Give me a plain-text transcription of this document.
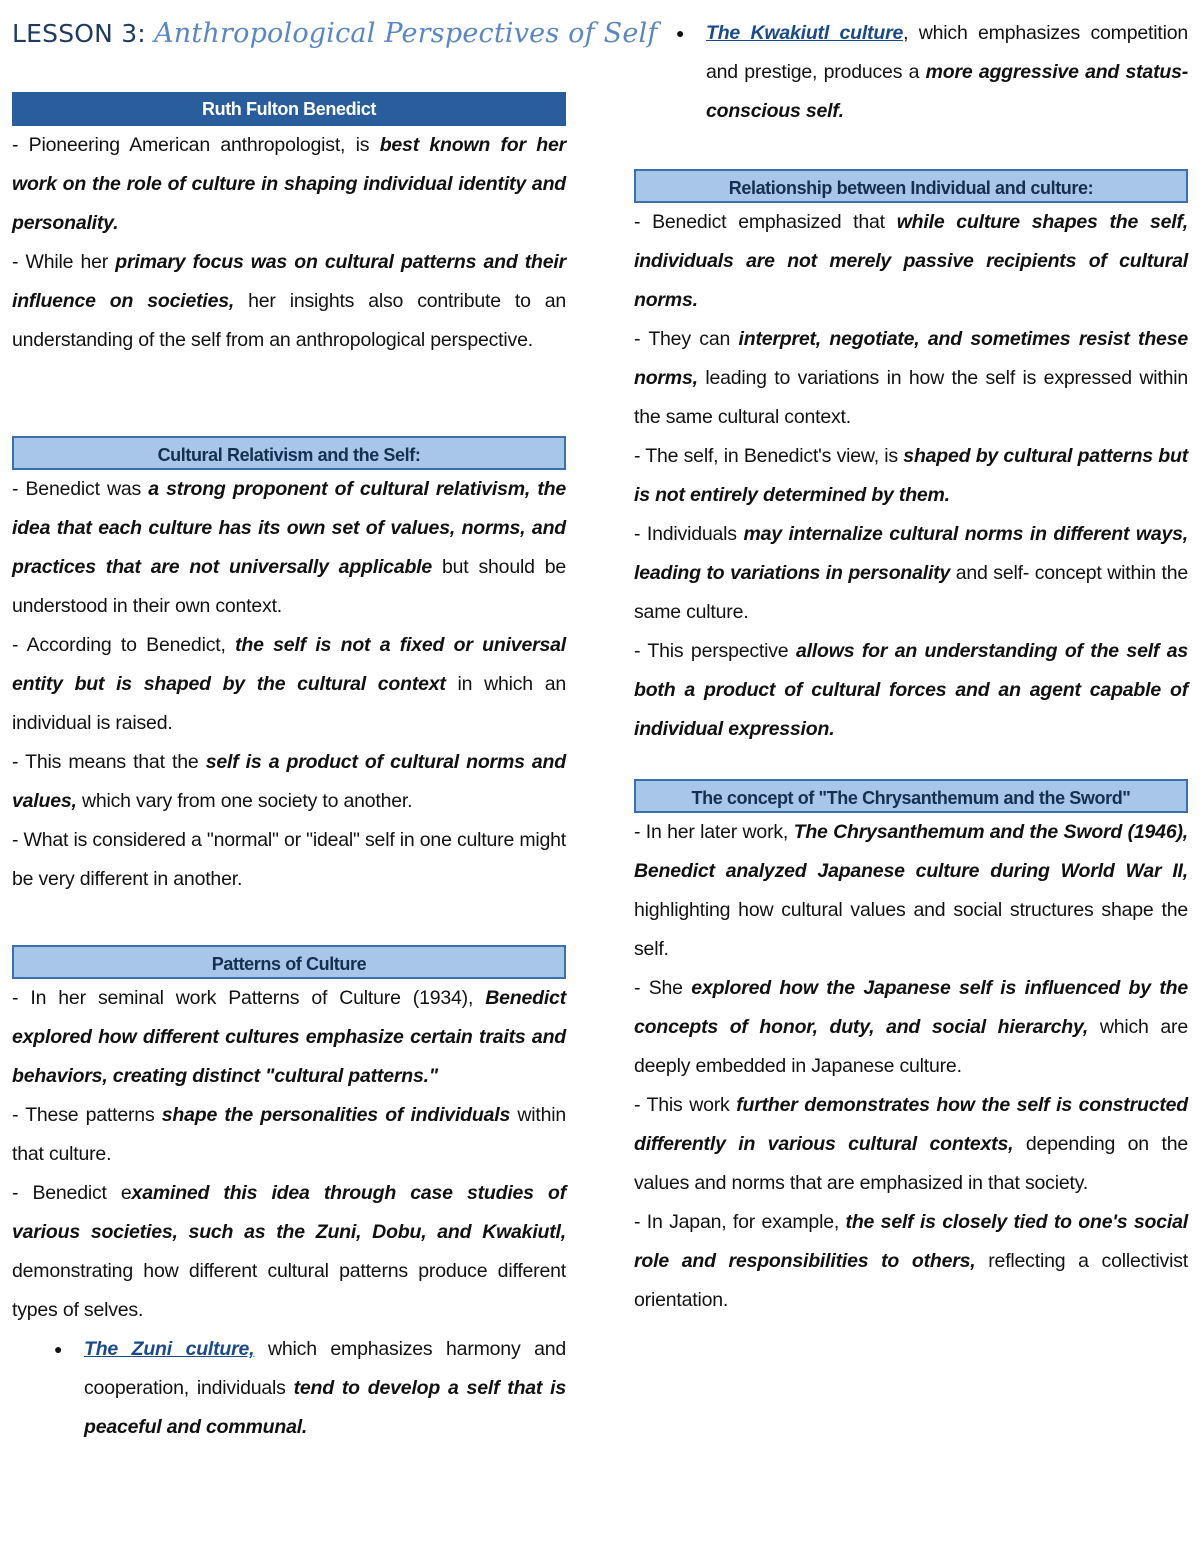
LESSON 3: Anthropological Perspectives of Self
Ruth Fulton Benedict

- Pioneering American anthropologist, is best known for her work on the role of culture in shaping individual identity and personality.

- While her primary focus was on cultural patterns and their influence on societies, her insights also contribute to an understanding of the self from an anthropological perspective.

Cultural Relativism and the Self:

- Benedict was a strong proponent of cultural relativism, the idea that each culture has its own set of values, norms, and practices that are not universally applicable but should be understood in their own context.

- According to Benedict, the self is not a fixed or universal entity but is shaped by the cultural context in which an individual is raised.

- This means that the self is a product of cultural norms and values, which vary from one society to another.

- What is considered a "normal" or "ideal" self in one culture might be very different in another.

Patterns of Culture

- In her seminal work Patterns of Culture (1934), Benedict explored how different cultures emphasize certain traits and behaviors, creating distinct "cultural patterns."

- These patterns shape the personalities of individuals within that culture.

- Benedict examined this idea through case studies of various societies, such as the Zuni, Dobu, and Kwakiutl, demonstrating how different cultural patterns produce different types of selves.

● The Zuni culture, which emphasizes harmony and cooperation, individuals tend to develop a self that is peaceful and communal.
● The Kwakiutl culture, which emphasizes competition and prestige, produces a more aggressive and status-conscious self.
Relationship between Individual and culture:

- Benedict emphasized that while culture shapes the self, individuals are not merely passive recipients of cultural norms.

- They can interpret, negotiate, and sometimes resist these norms, leading to variations in how the self is expressed within the same cultural context.

- The self, in Benedict's view, is shaped by cultural patterns but is not entirely determined by them.

- Individuals may internalize cultural norms in different ways, leading to variations in personality and self- concept within the same culture.

- This perspective allows for an understanding of the self as both a product of cultural forces and an agent capable of individual expression.

The concept of "The Chrysanthemum and the Sword"

- In her later work, The Chrysanthemum and the Sword (1946), Benedict analyzed Japanese culture during World War II, highlighting how cultural values and social structures shape the self.

- She explored how the Japanese self is influenced by the concepts of honor, duty, and social hierarchy, which are deeply embedded in Japanese culture.

- This work further demonstrates how the self is constructed differently in various cultural contexts, depending on the values and norms that are emphasized in that society.

- In Japan, for example, the self is closely tied to one's social role and responsibilities to others, reflecting a collectivist orientation.
